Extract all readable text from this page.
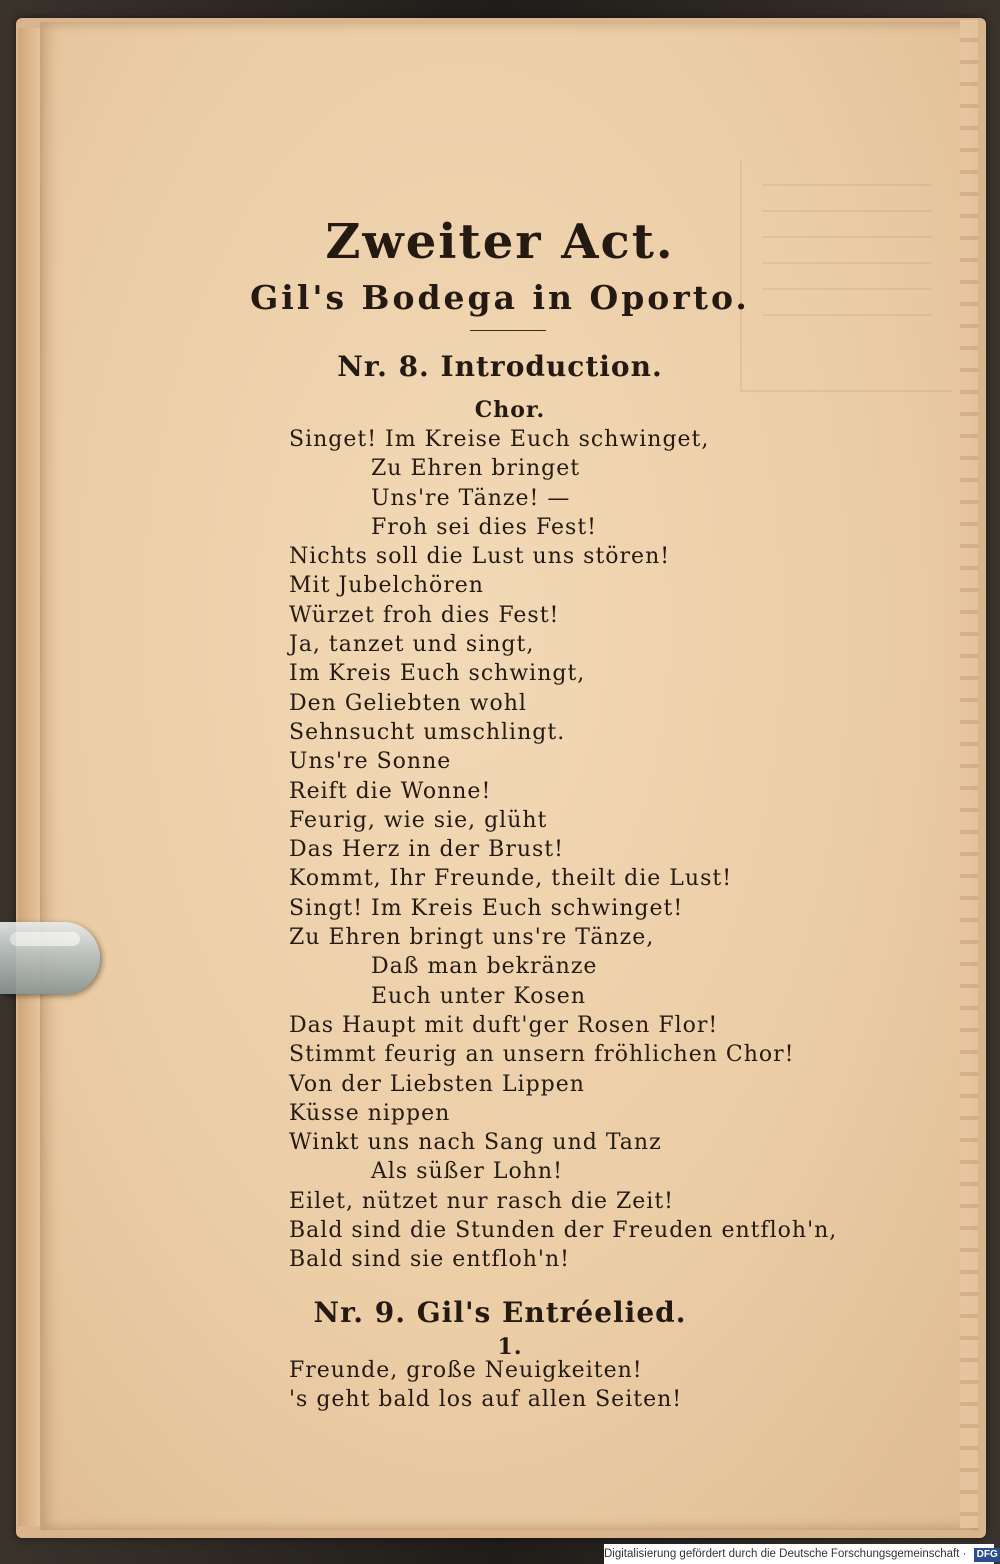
Zweiter Act.
Gil's Bodega in Oporto.
Nr. 8. Introduction.
Chor.
Singet! Im Kreise Euch schwinget,
Zu Ehren bringet
Uns're Tänze! —
Froh sei dies Fest!
Nichts soll die Lust uns stören!
Mit Jubelchören
Würzet froh dies Fest!
Ja, tanzet und singt,
Im Kreis Euch schwingt,
Den Geliebten wohl
Sehnsucht umschlingt.
Uns're Sonne
Reift die Wonne!
Feurig, wie sie, glüht
Das Herz in der Brust!
Kommt, Ihr Freunde, theilt die Lust!
Singt! Im Kreis Euch schwinget!
Zu Ehren bringt uns're Tänze,
Daß man bekränze
Euch unter Kosen
Das Haupt mit duft'ger Rosen Flor!
Stimmt feurig an unsern fröhlichen Chor!
Von der Liebsten Lippen
Küsse nippen
Winkt uns nach Sang und Tanz
Als süßer Lohn!
Eilet, nützet nur rasch die Zeit!
Bald sind die Stunden der Freuden entfloh'n,
Bald sind sie entfloh'n!
Nr. 9. Gil's Entréelied.
1.
Freunde, große Neuigkeiten!
's geht bald los auf allen Seiten!
Digitalisierung gefördert durch die Deutsche Forschungsgemeinschaft · DFG
